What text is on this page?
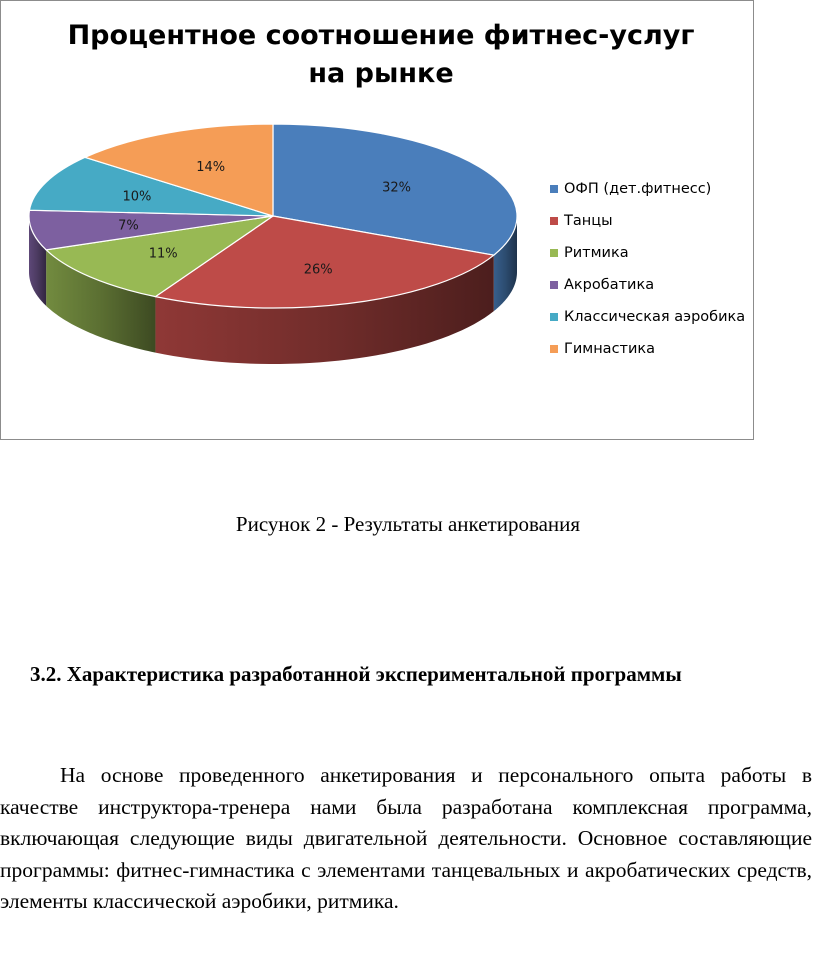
Процентное соотношение фитнес-услуг на рынке
32%
26%
11%
7%
10%
14%
ОФП (дет.фитнесс)
Танцы
Ритмика
Акробатика
Классическая аэробика
Гимнастика
Рисунок 2 - Результаты анкетирования
3.2. Характеристика разработанной экспериментальной программы
На основе проведенного анкетирования и персонального опыта работы в качестве инструктора-тренера нами была разработана комплексная программа, включающая следующие виды двигательной деятельности. Основное составляющие программы: фитнес-гимнастика с элементами танцевальных и акробатических средств, элементы классической аэробики, ритмика.
